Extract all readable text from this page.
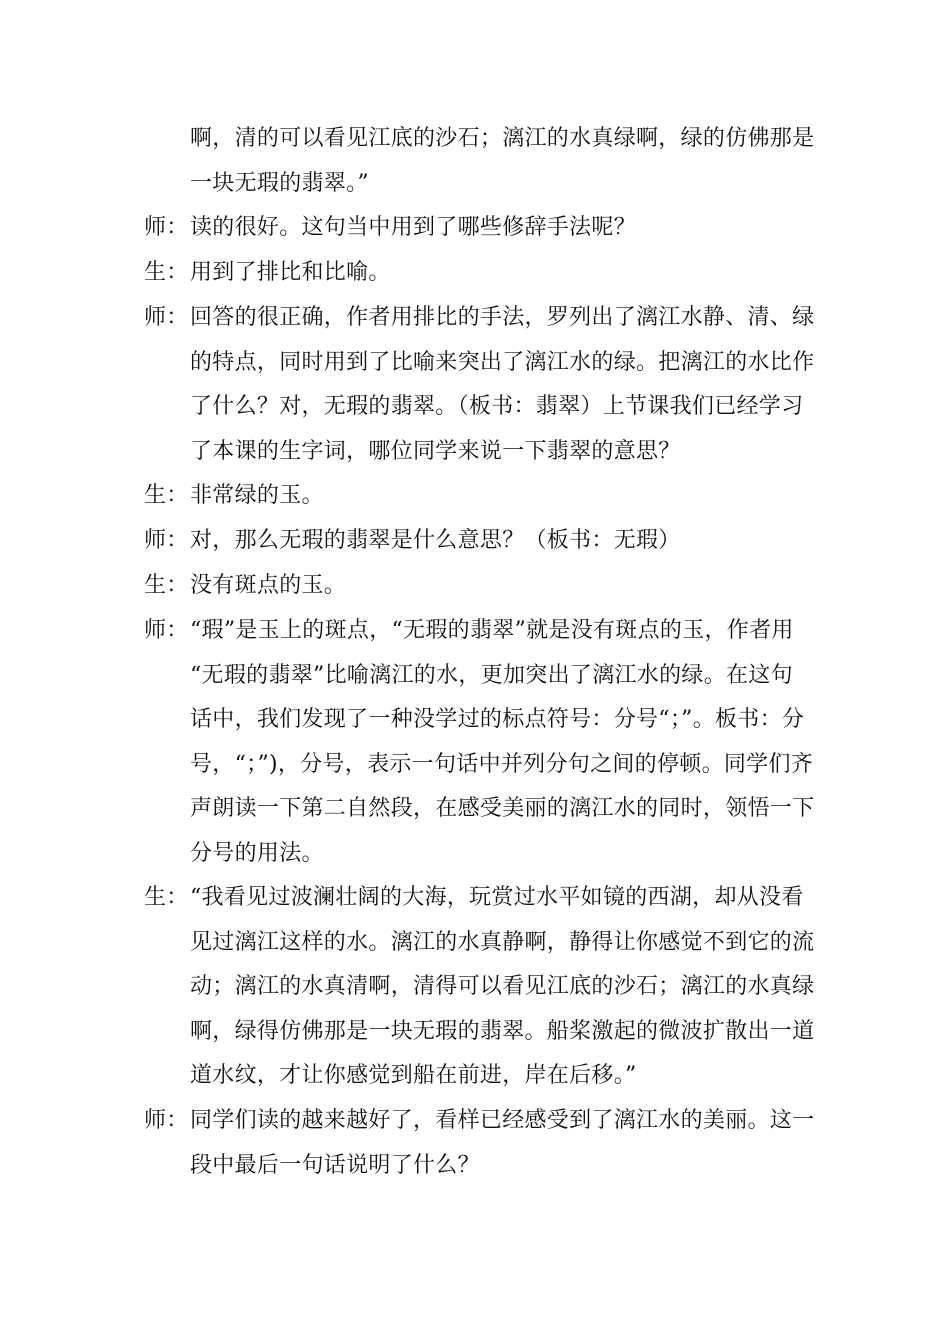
啊，清的可以看见江底的沙石；漓江的水真绿啊，绿的仿佛那是
一块无瑕的翡翠。”
师： 读的很好。这句当中用到了哪些修辞手法呢？
生： 用到了排比和比喻。
师： 回答的很正确，作者用排比的手法，罗列出了漓江水静、清、绿
的特点，同时用到了比喻来突出了漓江水的绿。把漓江的水比作
了什么？对，无瑕的翡翠。（板书：翡翠）上节课我们已经学习
了本课的生字词，哪位同学来说一下翡翠的意思？
生： 非常绿的玉。
师： 对，那么无瑕的翡翠是什么意思？（板书：无瑕）
生： 没有斑点的玉。
师： “瑕”是玉上的斑点，“无瑕的翡翠”就是没有斑点的玉，作者用
“无瑕的翡翠”比喻漓江的水，更加突出了漓江水的绿。在这句
话中，我们发现了一种没学过的标点符号：分号“；”。板书：分
号，“；”)，分号，表示一句话中并列分句之间的停顿。同学们齐
声朗读一下第二自然段，在感受美丽的漓江水的同时，领悟一下
分号的用法。
生： “我看见过波澜壮阔的大海，玩赏过水平如镜的西湖，却从没看
见过漓江这样的水。漓江的水真静啊，静得让你感觉不到它的流
动；漓江的水真清啊，清得可以看见江底的沙石；漓江的水真绿
啊，绿得仿佛那是一块无瑕的翡翠。船桨激起的微波扩散出一道
道水纹，才让你感觉到船在前进，岸在后移。”
师： 同学们读的越来越好了，看样已经感受到了漓江水的美丽。这一
段中最后一句话说明了什么？
